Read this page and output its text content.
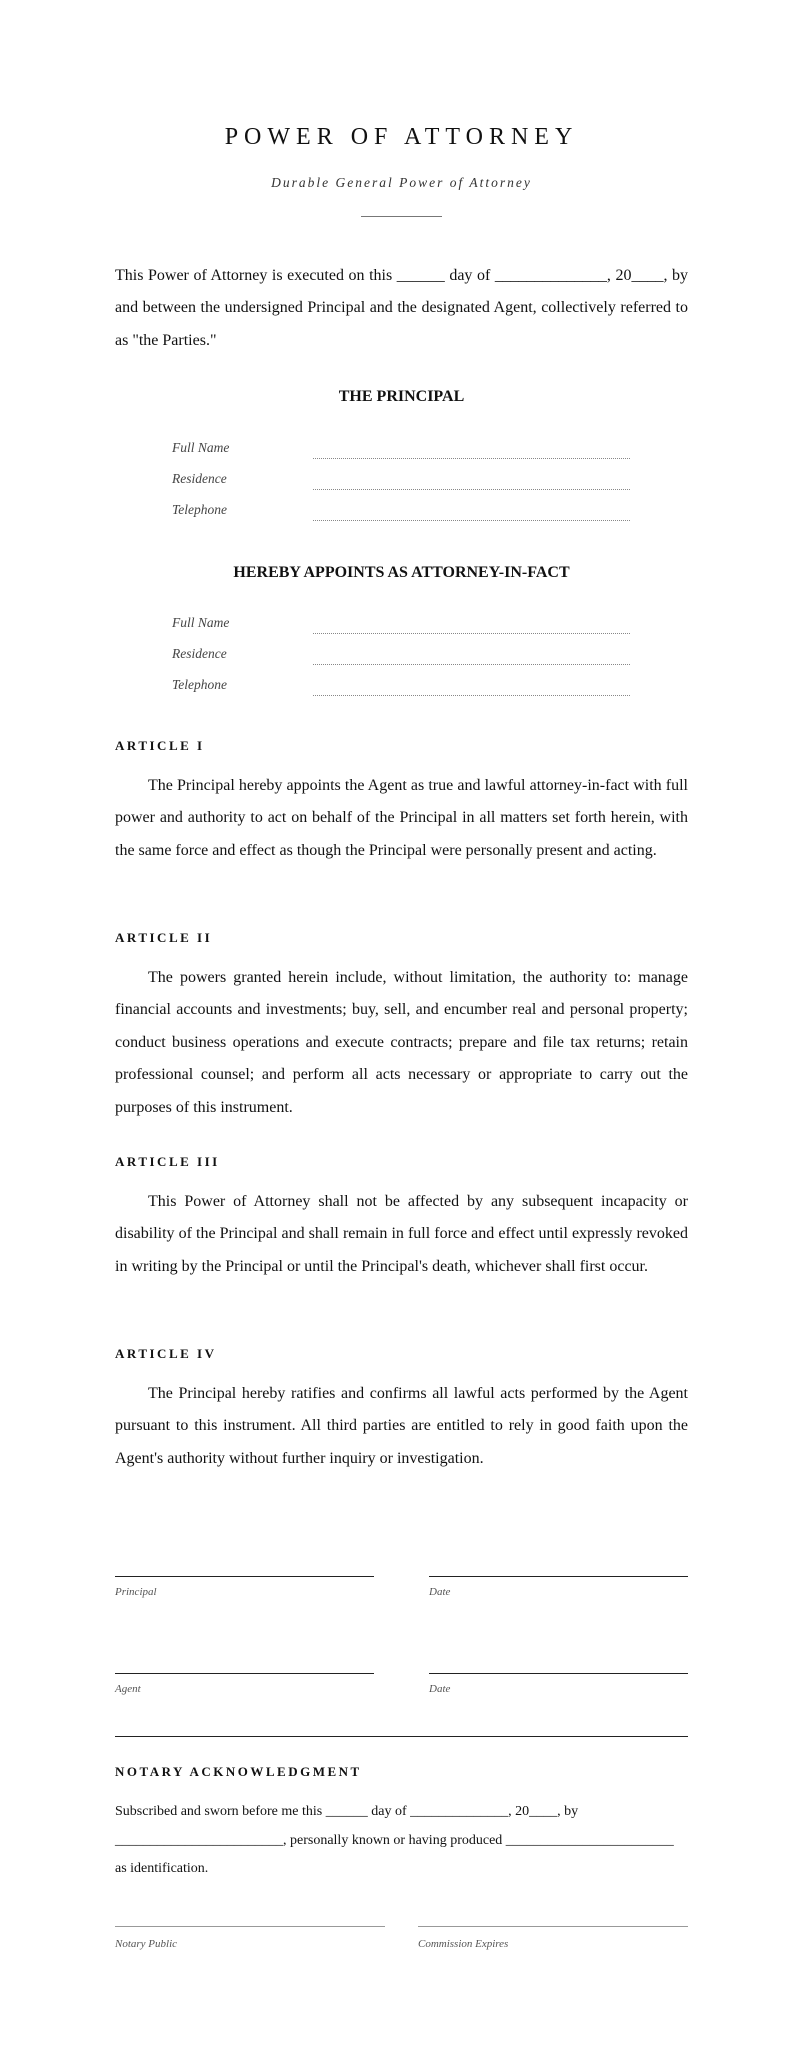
POWER OF ATTORNEY
Durable General Power of Attorney

This Power of Attorney is executed on this ______ day of ______________, 20____, by and between the undersigned Principal and the designated Agent, collectively referred to as "the Parties."

THE PRINCIPAL
Full Name
Residence
Telephone
HEREBY APPOINTS AS ATTORNEY-IN-FACT
Full Name
Residence
Telephone
ARTICLE I

The Principal hereby appoints the Agent as true and lawful attorney-in-fact with full power and authority to act on behalf of the Principal in all matters set forth herein, with the same force and effect as though the Principal were personally present and acting.

ARTICLE II

The powers granted herein include, without limitation, the authority to: manage financial accounts and investments; buy, sell, and encumber real and personal property; conduct business operations and execute contracts; prepare and file tax returns; retain professional counsel; and perform all acts necessary or appropriate to carry out the purposes of this instrument.

ARTICLE III

This Power of Attorney shall not be affected by any subsequent incapacity or disability of the Principal and shall remain in full force and effect until expressly revoked in writing by the Principal or until the Principal's death, whichever shall first occur.

ARTICLE IV

The Principal hereby ratifies and confirms all lawful acts performed by the Agent pursuant to this instrument. All third parties are entitled to rely in good faith upon the Agent's authority without further inquiry or investigation.

Principal	Date
Agent	Date
NOTARY ACKNOWLEDGMENT
Subscribed and sworn before me this ______ day of ______________, 20____, by
________________________, personally known or having produced ________________________
as identification.
Notary Public	Commission Expires
